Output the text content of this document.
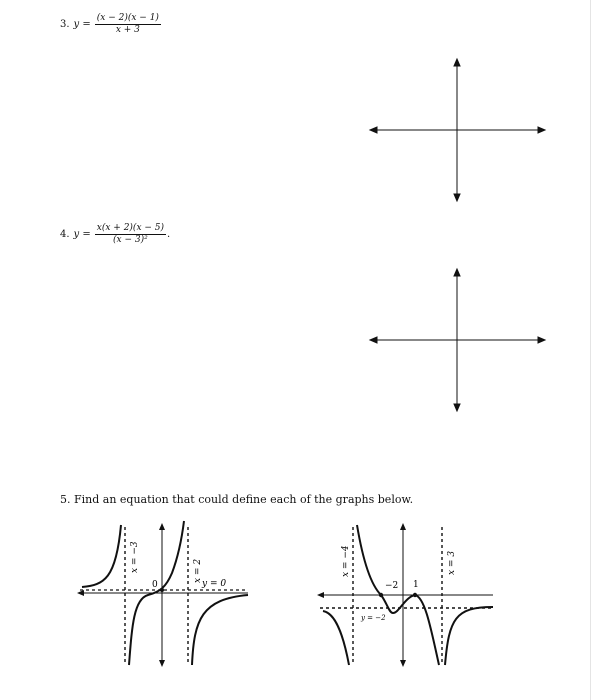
3. $y = \frac{(x - 2)(x - 1)}{x + 3}$
4. $y = \frac{x(x + 2)(x - 5)}{\text{(x − 3)²}}$ .
5. Find an equation that could define each of the graphs below.
0	y = 0
x = −3	x = 2
−2 1
y = −2
x = −4	x = 3
